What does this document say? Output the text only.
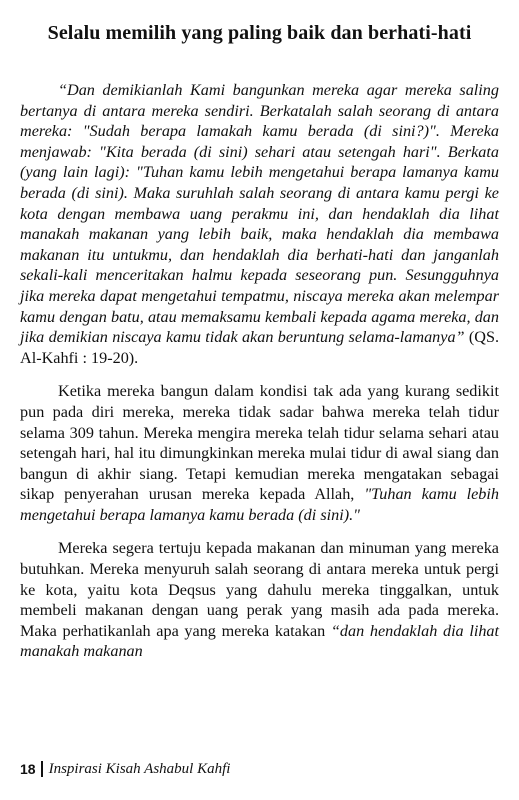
Selalu memilih yang paling baik dan berhati-hati

“Dan demikianlah Kami bangunkan mereka agar mereka saling bertanya di antara mereka sendiri. Berkatalah salah seorang di antara mereka: "Sudah berapa lamakah kamu berada (di sini?)". Mereka menjawab: "Kita berada (di sini) sehari atau setengah hari". Berkata (yang lain lagi): "Tuhan kamu lebih mengetahui berapa lamanya kamu berada (di sini). Maka suruhlah salah seorang di antara kamu pergi ke kota dengan membawa uang perakmu ini, dan hendaklah dia lihat manakah makanan yang lebih baik, maka hendaklah dia membawa makanan itu untukmu, dan hendaklah dia berhati-hati dan janganlah sekali-kali menceritakan halmu kepada seseorang pun. Sesungguhnya jika mereka dapat mengetahui tempatmu, niscaya mereka akan melempar kamu dengan batu, atau memaksamu kembali kepada agama mereka, dan jika demikian niscaya kamu tidak akan beruntung selama-lamanya” (QS. Al-Kahfi : 19-20).

Ketika mereka bangun dalam kondisi tak ada yang kurang sedikit pun pada diri mereka, mereka tidak sadar bahwa mereka telah tidur selama 309 tahun. Mereka mengira mereka telah tidur selama sehari atau setengah hari, hal itu dimungkinkan mereka mulai tidur di awal siang dan bangun di akhir siang. Tetapi kemudian mereka mengatakan sebagai sikap penyerahan urusan mereka kepada Allah, "Tuhan kamu lebih mengetahui berapa lamanya kamu berada (di sini)."

Mereka segera tertuju kepada makanan dan minuman yang mereka butuhkan. Mereka menyuruh salah seorang di antara mereka untuk pergi ke kota, yaitu kota Deqsus yang dahulu mereka tinggalkan, untuk membeli makanan dengan uang perak yang masih ada pada mereka. Maka perhatikanlah apa yang mereka katakan “dan hendaklah dia lihat manakah makanan

18 Inspirasi Kisah Ashabul Kahfi
